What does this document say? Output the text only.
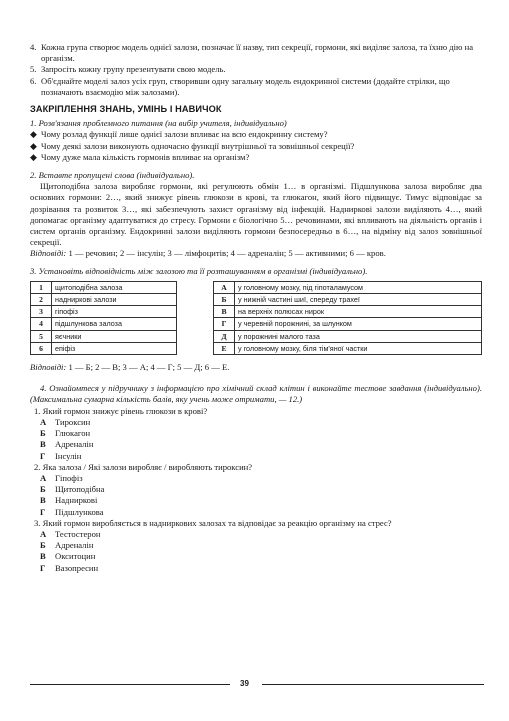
4. Кожна група створює модель однієї залози, позначає її назву, тип секреції, гормони, які виділяє залоза, та їхню дію на організм.
5. Запросіть кожну групу презентувати свою модель.
6. Об'єднайте моделі залоз усіх груп, створивши одну загальну модель ендокринної системи (додайте стрілки, що позначають взаємодію між залозами).
ЗАКРІПЛЕННЯ ЗНАНЬ, УМІНЬ І НАВИЧОК
1. Розв'язання проблемного питання (на вибір учителя, індивідуально)
◆ Чому розлад функції лише однієї залози впливає на всю ендокринну систему?
◆ Чому деякі залози виконують одночасно функції внутрішньої та зовнішньої секреції?
◆ Чому дуже мала кількість гормонів впливає на організм?
2. Вставте пропущені слова (індивідуально).
Щитоподібна залоза виробляє гормони, які регулюють обмін 1… в організмі. Підшлункова залоза виробляє два основних гормони: 2…, який знижує рівень глюкози в крові, та глюкагон, який його підвищує. Тимус відповідає за дозрівання та розвиток 3…, які забезпечують захист організму від інфекцій. Надниркові залози виділяють 4…, який допомагає організму адаптуватися до стресу. Гормони є біологічно 5… речовинами, які впливають на діяльність органів і систем органів організму. Ендокринні залози виділяють гормони безпосередньо в 6…, на відміну від залоз зовнішньої секреції.
Відповіді: 1 — речовин; 2 — інсулін; 3 — лімфоцитів; 4 — адреналін; 5 — активними; 6 — кров.
3. Установіть відповідність між залозою та її розташуванням в організмі (індивідуально).
1	щитоподібна залоза
2	надниркові залози
3	гіпофіз
4	підшлункова залоза
5	яєчники
6	епіфіз
А	у головному мозку, під гіпоталамусом
Б	у нижній частині шиї, спереду трахеї
В	на верхніх полюсах нирок
Г	у черевній порожнині, за шлунком
Д	у порожнині малого таза
Е	у головному мозку, біля тім'яної частки
Відповіді: 1 — Б; 2 — В; 3 — А; 4 — Г; 5 — Д; 6 — Е.
4. Ознайомтеся у підручнику з інформацією про хімічний склад клітин і виконайте тестове завдання (індивідуально). (Максимальна сумарна кількість балів, яку учень може отримати, — 12.)
1. Який гормон знижує рівень глюкози в крові?
А	Тироксин
Б	Глюкагон
В	Адреналін
Г	Інсулін
2. Яка залоза / Які залози виробляє / виробляють тироксин?
А	Гіпофіз
Б	Щитоподібна
В	Надниркові
Г	Підшлункова
3. Який гормон виробляється в надниркових залозах та відповідає за реакцію організму на стрес?
А	Тестостерон
Б	Адреналін
В	Окситоцин
Г	Вазопресин
39
